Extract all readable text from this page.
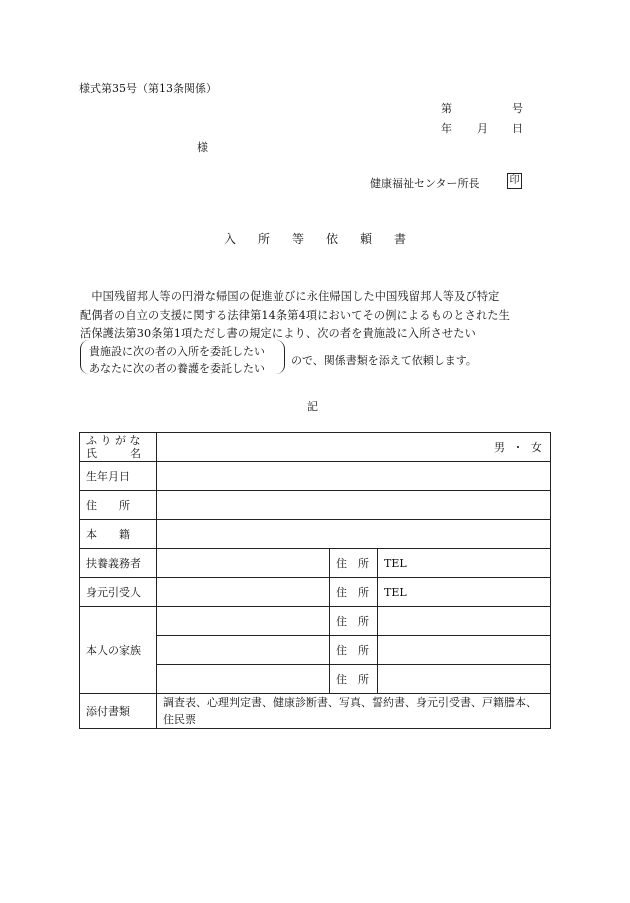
様式第35号（第13条関係）
第	号
年 月 日
様
健康福祉センター所長	印
入所等依頼書
　中国残留邦人等の円滑な帰国の促進並びに永住帰国した中国残留邦人等及び特定
配偶者の自立の支援に関する法律第14条第4項においてその例によるものとされた生
活保護法第30条第1項ただし書の規定により、次の者を貴施設に入所させたい
貴施設に次の者の入所を委託したい
あなたに次の者の養護を委託したい
ので、関係書類を添えて依頼します。
記
ふ り が な
氏　　　名	男 ・ 女		
生年月日			
住　　所			
本　　籍			
扶養義務者		住　所	TEL
身元引受人		住　所	TEL
本人の家族		住　所	
		住　所	
		住　所	
添付書類	調査表、心理判定書、健康診断書、写真、誓約書、身元引受書、戸籍謄本、住民票		
